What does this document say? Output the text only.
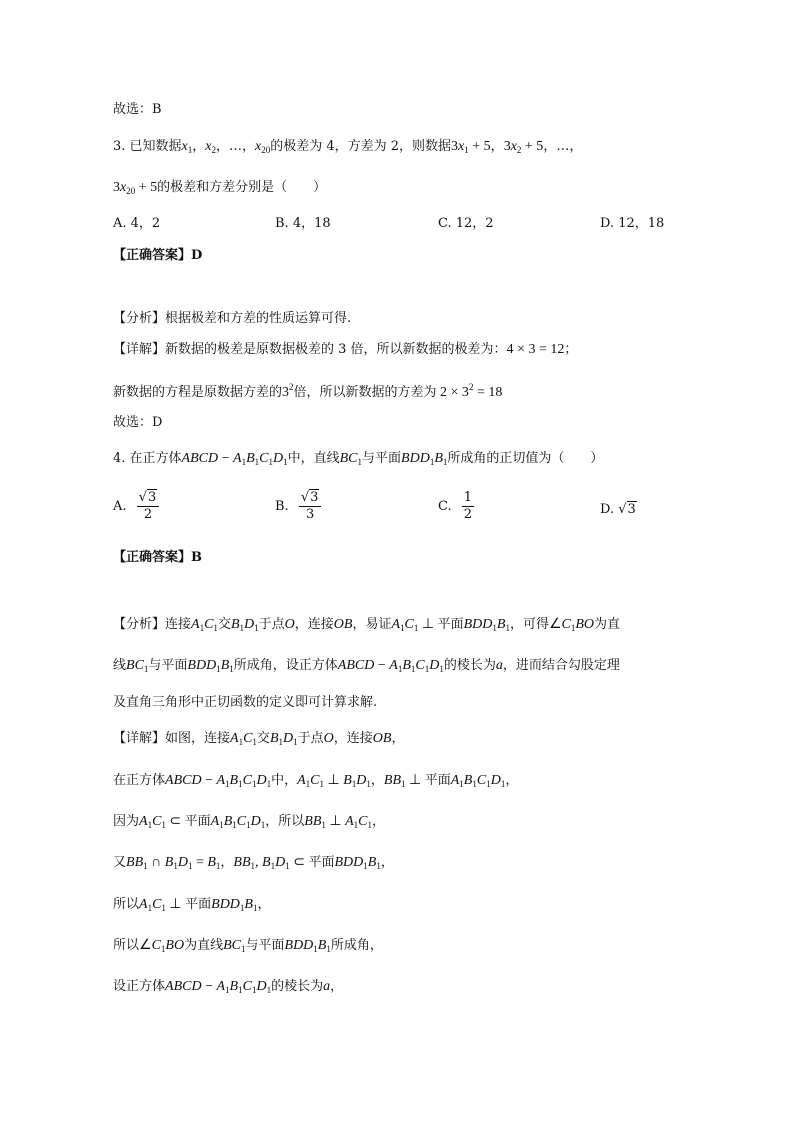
故选：B
3. 已知数据$x_1$，$x_2$，…，$x_{20}$的极差为 4，方差为 2，则数据$3x_1 + 5$，$3x_2 + 5$，…，
$3x_{20} + 5$的极差和方差分别是（　　）
A. 4，2	B. 4，18	C. 12，2	D. 12，18
【正确答案】D
【分析】根据极差和方差的性质运算可得.
【详解】新数据的极差是原数据极差的 3 倍，所以新数据的极差为：4 × 3 = 12；
新数据的方程是原数据方差的$3^2$倍，所以新数据的方差为 $2 \times 3^2 = 18$
故选：D
4. 在正方体ABCD − $A_1B_1C_1D_1$中，直线$BC_1$与平面$BDD_1B_1$所成角的正切值为（　　）
A. $\frac{√3}{2}$	B. $\frac{√3}{3}$	C. $\frac{1}{2}$	D. √3
【正确答案】B
【分析】连接$A_1C_1$交$B_1D_1$于点O，连接OB，易证$A_1C_1$ ⊥ 平面$BDD_1B_1$，可得$\angle C_1BO$为直
线$BC_1$与平面$BDD_1B_1$所成角，设正方体ABCD − $A_1B_1C_1D_1$的棱长为a，进而结合勾股定理
及直角三角形中正切函数的定义即可计算求解.
【详解】如图，连接$A_1C_1$交$B_1D_1$于点O，连接OB，
在正方体ABCD − $A_1B_1C_1D_1$中，$A_1C_1$ ⊥ $B_1D_1$，$BB_1$ ⊥ 平面$A_1B_1C_1D_1$，
因为$A_1C_1$ ⊂ 平面$A_1B_1C_1D_1$，所以$BB_1$ ⊥ $A_1C_1$，
又$BB_1$ ∩ $B_1D_1 = B_1$，$BB_1$, $B_1D_1$ ⊂ 平面$BDD_1B_1$，
所以$A_1C_1$ ⊥ 平面$BDD_1B_1$，
所以$\angle C_1BO$为直线$BC_1$与平面$BDD_1B_1$所成角，
设正方体ABCD − $A_1B_1C_1D_1$的棱长为a，
